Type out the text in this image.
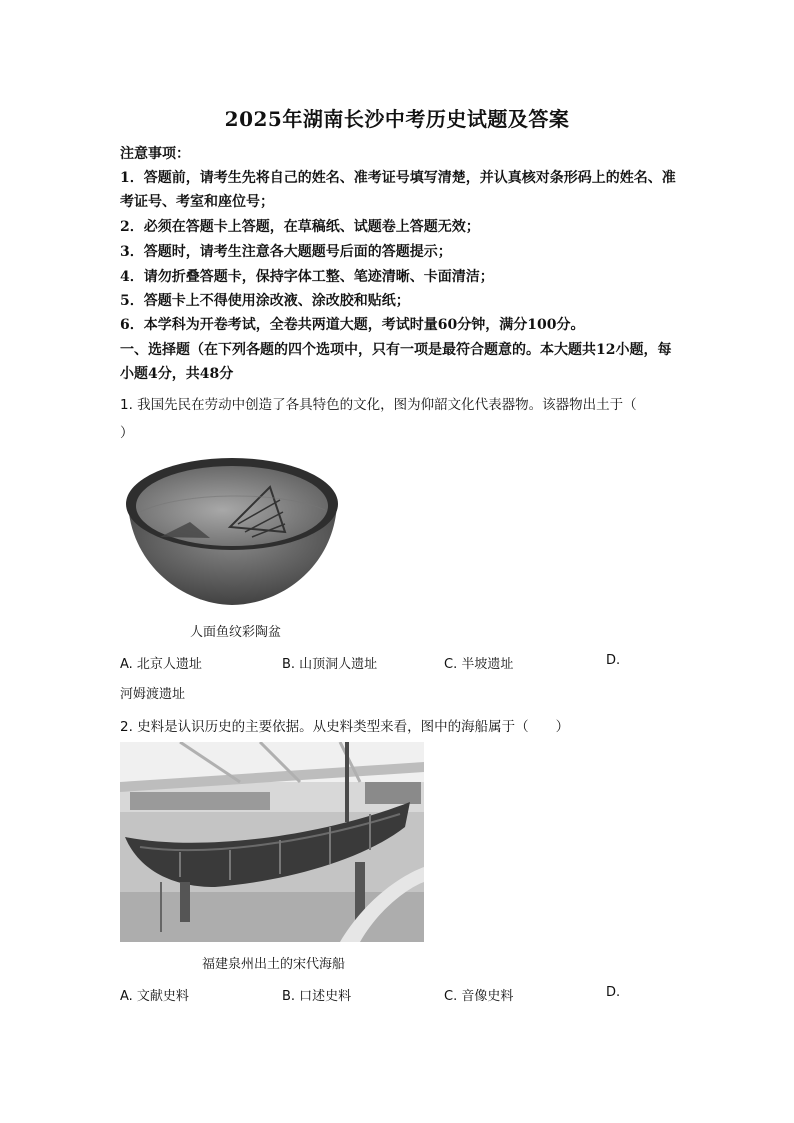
2025年湖南长沙中考历史试题及答案
注意事项：
1．答题前，请考生先将自己的姓名、准考证号填写清楚，并认真核对条形码上的姓名、准
考证号、考室和座位号；
2．必须在答题卡上答题，在草稿纸、试题卷上答题无效；
3．答题时，请考生注意各大题题号后面的答题提示；
4．请勿折叠答题卡，保持字体工整、笔迹清晰、卡面清洁；
5．答题卡上不得使用涂改液、涂改胶和贴纸；
6．本学科为开卷考试，全卷共两道大题，考试时量60分钟，满分100分。
一、选择题（在下列各题的四个选项中，只有一项是最符合题意的。本大题共12小题，每
小题4分，共48分
1. 我国先民在劳动中创造了各具特色的文化，图为仰韶文化代表器物。该器物出土于（
）
人面鱼纹彩陶盆
A. 北京人遗址	B. 山顶洞人遗址	C. 半坡遗址	D.
河姆渡遗址
2. 史料是认识历史的主要依据。从史料类型来看，图中的海船属于（　　）
福建泉州出土的宋代海船
A. 文献史料	B. 口述史料	C. 音像史料	D.
